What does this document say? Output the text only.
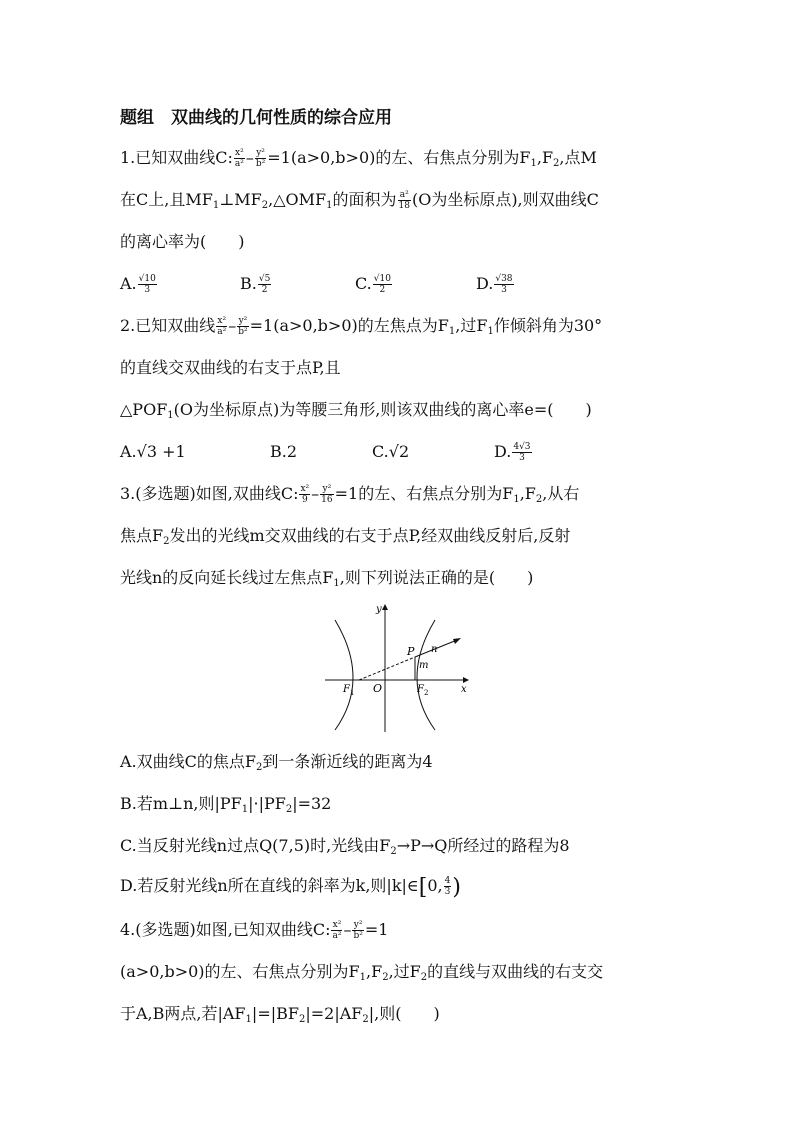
题组　双曲线的几何性质的综合应用
1.已知双曲线C: $\frac{\text{x²}}{\text{a²}} - \frac{\text{y²}}{\text{b²}} =1(a>0,b>0)$的左、右焦点分别为$F_1,F_2$,点M
在C上,且$MF_1\perp MF_2,\triangle OMF_1$的面积为 $\frac{\text{a²}}{18} (O$为坐标原点),则双曲线C
的离心率为(　　)
A. $\frac{√10}{3}$	B. $\frac{√5}{2}$	C. $\frac{√10}{2}$	D. $\frac{√38}{3}$
2.已知双曲线 $\frac{\text{x²}}{\text{a²}} - \frac{\text{y²}}{\text{b²}} =1(a>0,b>0)$的左焦点为$F_1$,过$F_1$作倾斜角为30°
的直线交双曲线的右支于点P,且
$\triangle POF_1(O$为坐标原点)为等腰三角形,则该双曲线的离心率e=(　　)
A.√3 +1	B.2	C.√2	D. $\frac{4√3}{3}$
3.(多选题)如图,双曲线C: $\frac{\text{x²}}{9} - \frac{\text{y²}}{16} =1$的左、右焦点分别为$F_1,F_2$,从右
焦点$F_2$发出的光线m交双曲线的右支于点P,经双曲线反射后,反射
光线n的反向延长线过左焦点$F_1$,则下列说法正确的是(　　)
y
x
O
F 1	F 2
P
m
n
A.双曲线C的焦点$F_2$到一条渐近线的距离为4
B.若m⊥n,则$|PF_1|\cdot|PF_2|=32$
C.当反射光线n过点Q(7,5)时,光线由$F_2\to P\to Q$所经过的路程为8
D.若反射光线n所在直线的斜率为k,则|k|∈[0, $\frac{4}{3}$ )
4.(多选题)如图,已知双曲线C: $\frac{\text{x²}}{\text{a²}} - \frac{\text{y²}}{\text{b²}} =1$
(a>0,b>0)的左、右焦点分别为$F_1,F_2$,过$F_2$的直线与双曲线的右支交
于A,B两点,若$|AF_1|=|BF_2|=2|AF_2|$,则(　　)
